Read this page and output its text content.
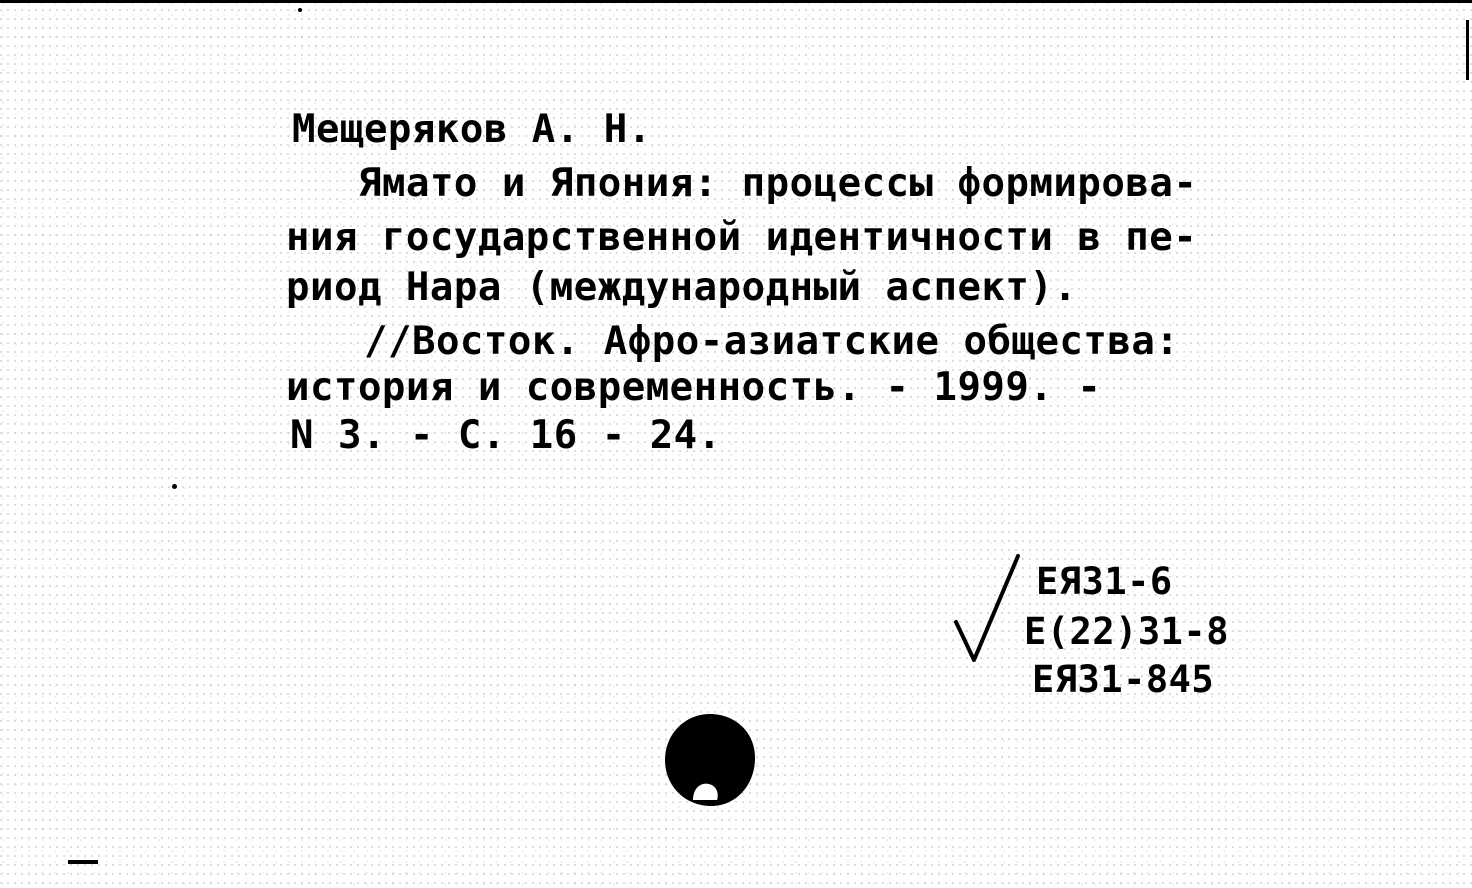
Мещеряков А. Н.
Ямато и Япония: процессы формирова-
ния государственной идентичности в пе-
риод Нара (международный аспект).
//Восток. Афро-азиатские общества:
история и современность. - 1999. -
N 3. - С. 16 - 24.
ЕЯ31-6
Е(22)31-8
ЕЯ31-845
